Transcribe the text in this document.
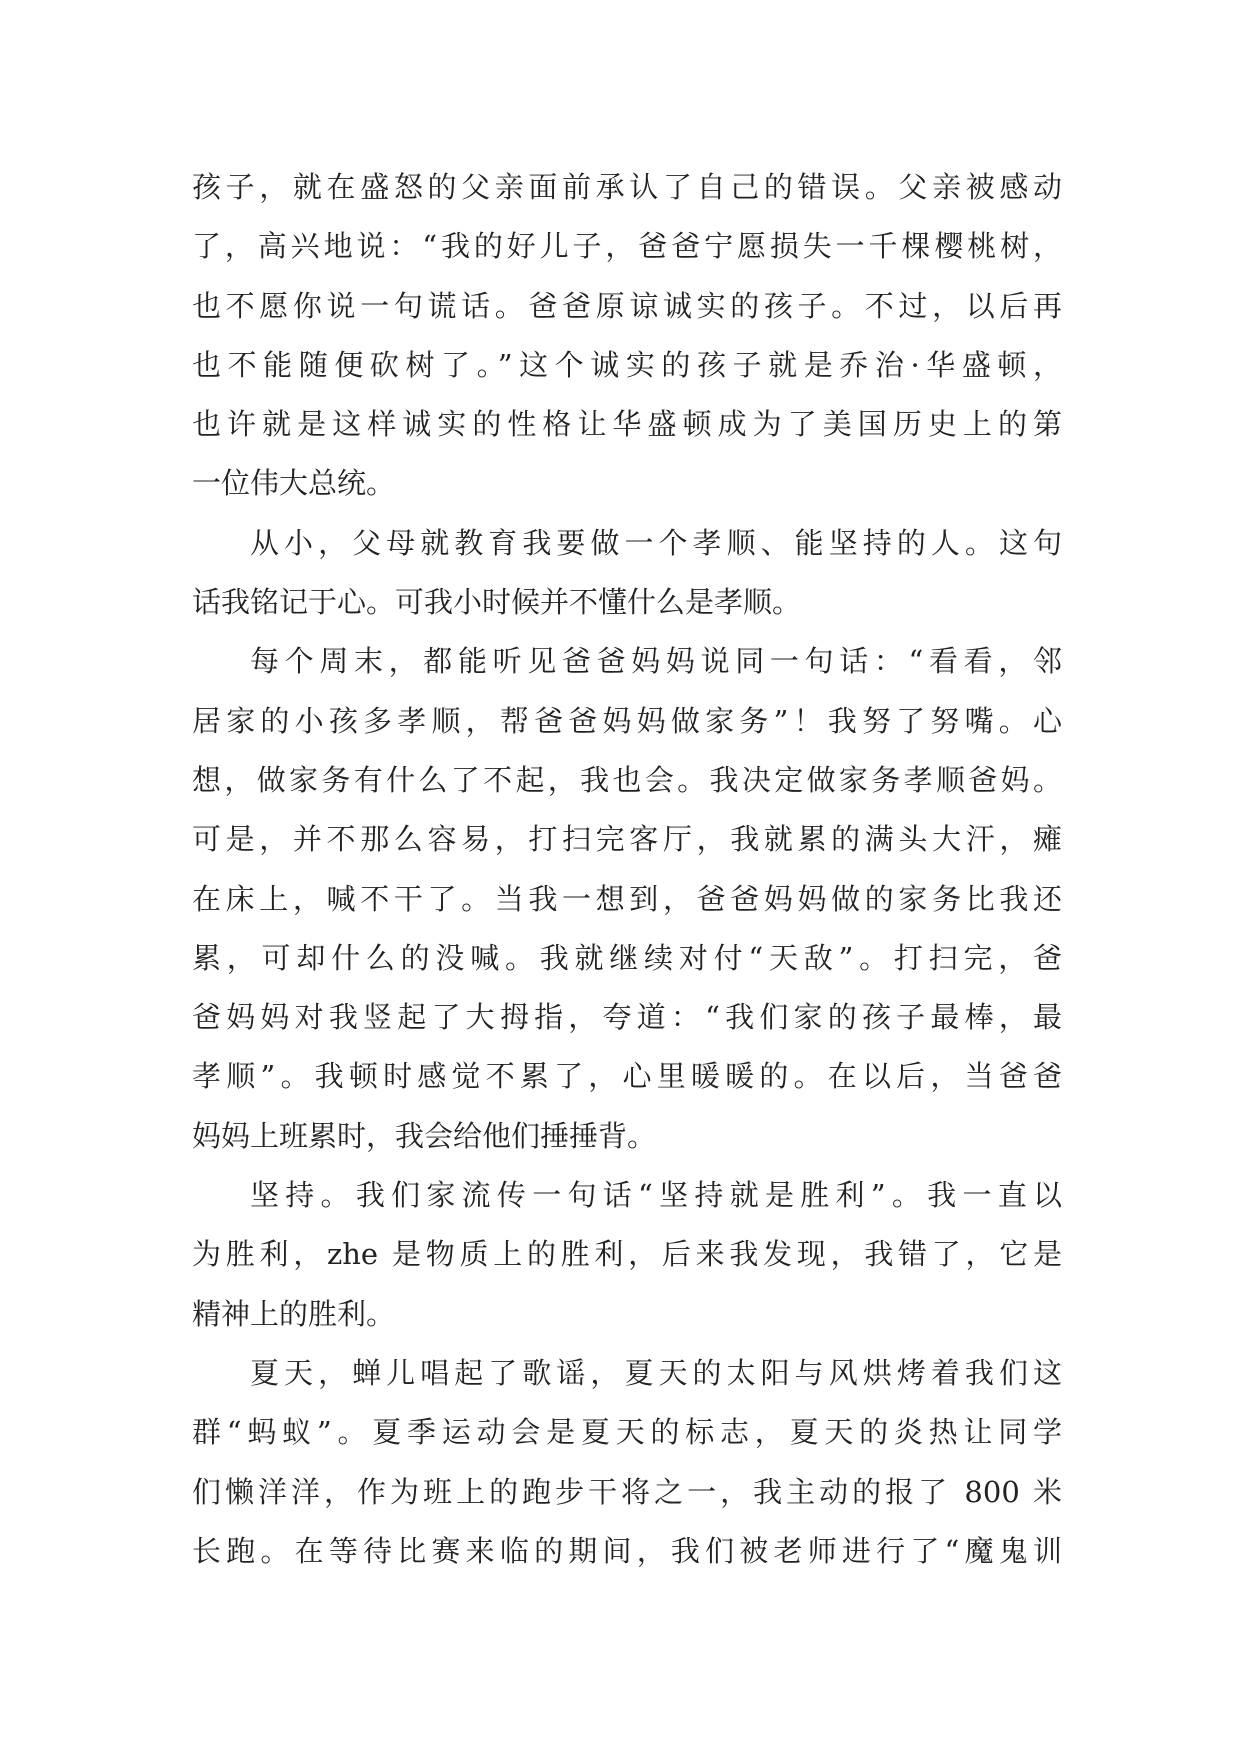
孩子，就在盛怒的父亲面前承认了自己的错误。父亲被感动
了，高兴地说：“我的好儿子，爸爸宁愿损失一千棵樱桃树，
也不愿你说一句谎话。爸爸原谅诚实的孩子。不过，以后再
也不能随便砍树了。”这个诚实的孩子就是乔治·华盛顿，
也许就是这样诚实的性格让华盛顿成为了美国历史上的第
一位伟大总统。
从小，父母就教育我要做一个孝顺、能坚持的人。这句
话我铭记于心。可我小时候并不懂什么是孝顺。
每个周末，都能听见爸爸妈妈说同一句话：“看看，邻
居家的小孩多孝顺，帮爸爸妈妈做家务”！我努了努嘴。心
想，做家务有什么了不起，我也会。我决定做家务孝顺爸妈。
可是，并不那么容易，打扫完客厅，我就累的满头大汗，瘫
在床上，喊不干了。当我一想到，爸爸妈妈做的家务比我还
累，可却什么的没喊。我就继续对付“天敌”。打扫完，爸
爸妈妈对我竖起了大拇指，夸道：“我们家的孩子最棒，最
孝顺”。我顿时感觉不累了，心里暖暖的。在以后，当爸爸
妈妈上班累时，我会给他们捶捶背。
坚持。我们家流传一句话“坚持就是胜利”。我一直以
为胜利，zhe 是物质上的胜利，后来我发现，我错了，它是
精神上的胜利。
夏天，蝉儿唱起了歌谣，夏天的太阳与风烘烤着我们这
群“蚂蚁”。夏季运动会是夏天的标志，夏天的炎热让同学
们懒洋洋，作为班上的跑步干将之一，我主动的报了 800 米
长跑。在等待比赛来临的期间，我们被老师进行了“魔鬼训
